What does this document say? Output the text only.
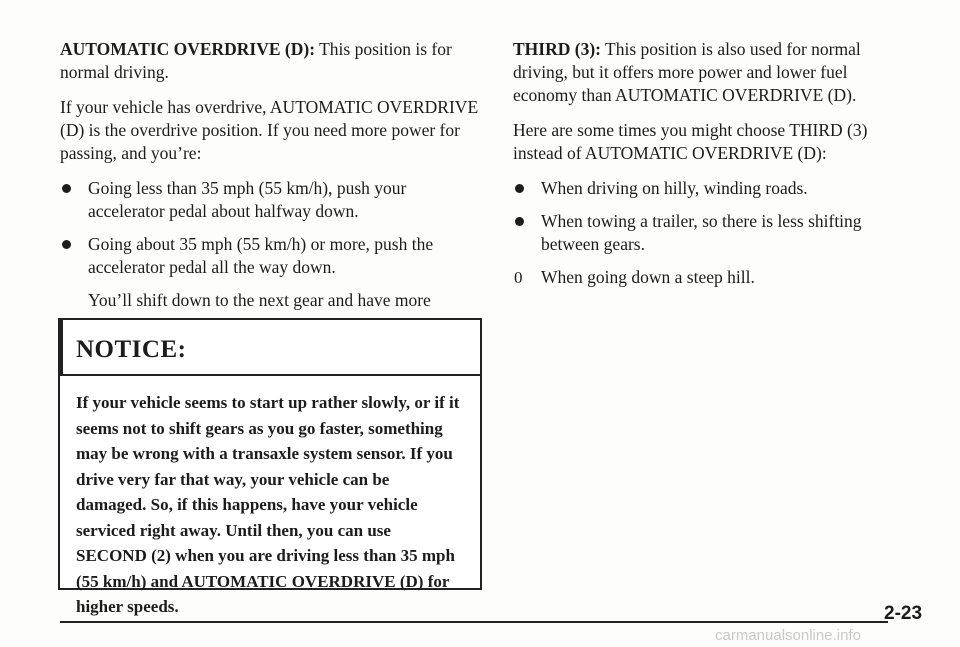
AUTOMATIC OVERDRIVE (D): This position is for normal driving.

If your vehicle has overdrive, AUTOMATIC OVERDRIVE (D) is the overdrive position. If you need more power for passing, and you’re:

Going less than 35 mph (55 km/h), push your accelerator pedal about halfway down.
Going about 35 mph (55 km/h) or more, push the accelerator pedal all the way down.

You’ll shift down to the next gear and have more

NOTICE:
If your vehicle seems to start up rather slowly, or if it seems not to shift gears as you go faster, something may be wrong with a transaxle system sensor. If you drive very far that way, your vehicle can be damaged. So, if this happens, have your vehicle serviced right away. Until then, you can use SECOND (2) when you are driving less than 35 mph (55 km/h) and AUTOMATIC OVERDRIVE (D) for higher speeds.

THIRD (3): This position is also used for normal driving, but it offers more power and lower fuel economy than AUTOMATIC OVERDRIVE (D).

Here are some times you might choose THIRD (3) instead of AUTOMATIC OVERDRIVE (D):

When driving on hilly, winding roads.
When towing a trailer, so there is less shifting between gears.
0 When going down a steep hill.
2-23
carmanualsonline.info
